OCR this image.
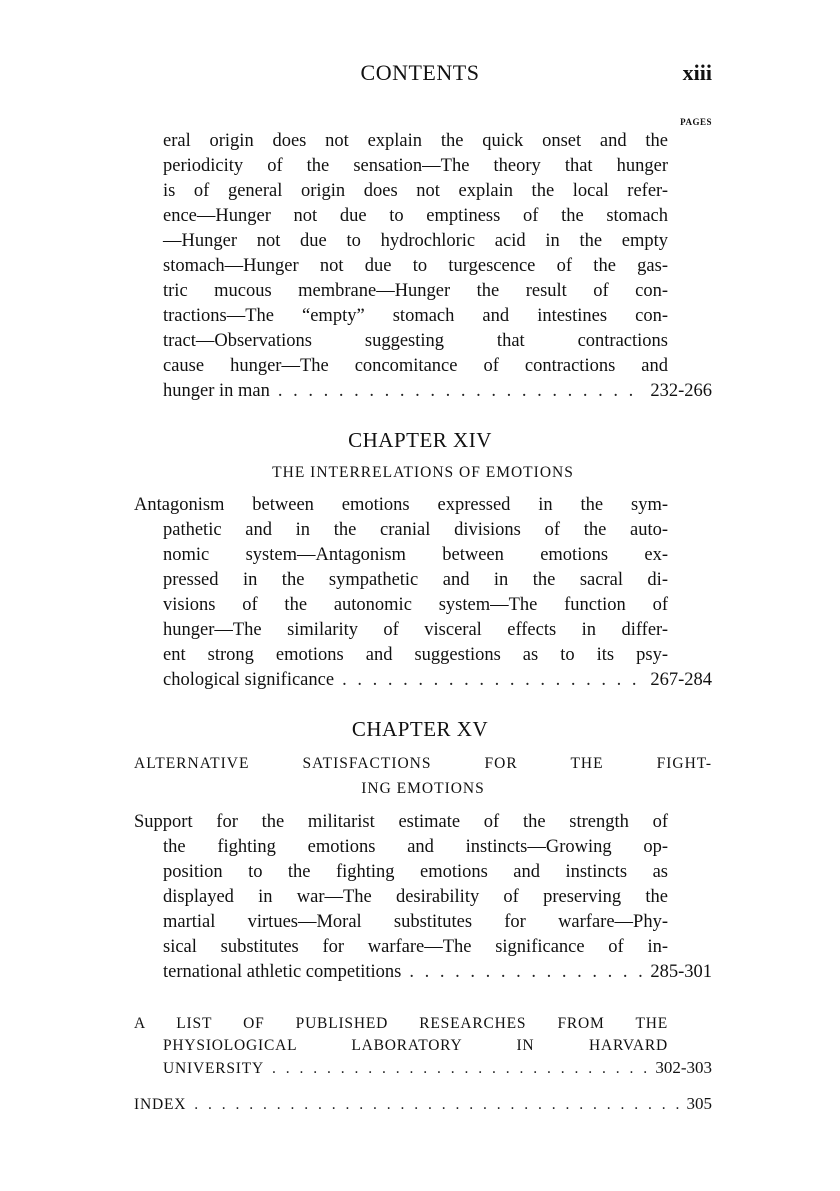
CONTENTS	xiii
PAGES
eral origin does not explain the quick onset and the
periodicity of the sensation—The theory that hunger
is of general origin does not explain the local refer-
ence—Hunger not due to emptiness of the stomach
—Hunger not due to hydrochloric acid in the empty
stomach—Hunger not due to turgescence of the gas-
tric mucous membrane—Hunger the result of con-
tractions—The “empty” stomach and intestines con-
tract—Observations suggesting that contractions
cause hunger—The concomitance of contractions and
hunger in man . . .	232-266
CHAPTER XIV
THE INTERRELATIONS OF EMOTIONS
Antagonism between emotions expressed in the sym-
pathetic and in the cranial divisions of the auto-
nomic system—Antagonism between emotions ex-
pressed in the sympathetic and in the sacral di-
visions of the autonomic system—The function of
hunger—The similarity of visceral effects in differ-
ent strong emotions and suggestions as to its psy-
chological significance . . .	267-284
CHAPTER XV
ALTERNATIVE SATISFACTIONS FOR THE FIGHT-
ING EMOTIONS
Support for the militarist estimate of the strength of
the fighting emotions and instincts—Growing op-
position to the fighting emotions and instincts as
displayed in war—The desirability of preserving the
martial virtues—Moral substitutes for warfare—Phy-
sical substitutes for warfare—The significance of in-
ternational athletic competitions . . .	285-301
A LIST OF PUBLISHED RESEARCHES FROM THE
PHYSIOLOGICAL LABORATORY IN HARVARD
UNIVERSITY . . .	302-303
INDEX . . .	305
